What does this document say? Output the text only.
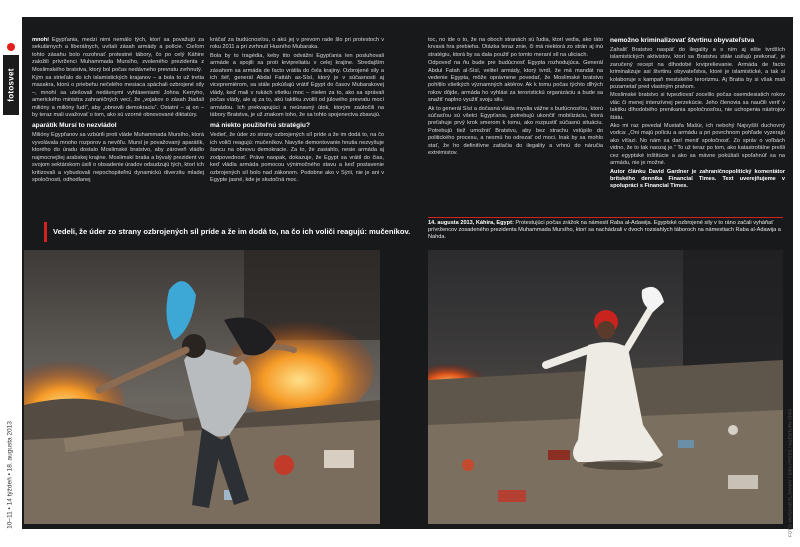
fotosvet
10–11 • 14 týždeň • 18. augusta 2013

mnohí Egypťania, medzi nimi nemálo tých, ktorí sa považujú za sekulárnych a liberálnych, uvítali zásah armády a polície. Cieľom tohto zásahu bolo rozohnať protestné tábory, čo po celý Káhire založili prívrženci Muhammada Mursího, zvoleného prezidenta z Moslimského bratstva, ktorý bol počas nedávneho prevratu zvrhnutý.

Kým sa strieľalo do ich islamistických krajanov – a bola to už tretia masakra, ktorú o priebehu nečelého mesiaca spáchali ozbrojené sily –, mnohí sa utešovali nedávnymi vyhláseniami Johna Kerryho, amerického ministra zahraničných vecí, že „vojakov o zásah žiadali milióny a milióny ľudí“, aby „obnovili demokraciu“. Ostatní – aj on – by teraz mali uvažovať o tom, ako sú vzorné obnovované diktatúry.

aparátík Mursí to nezvládol

Milióny Egypťanov sa vzbúrili proti vláde Muhammada Mursího, ktorá vyvolávala mnoho rozporov a nevôľu. Mursí je považovaný aparátík, ktorého do úradu dostalo Moslimské bratstvo, aby zároveň vládlo najmocnejšej arabskej krajine. Moslimskí bratia a bývalý prezident vo svojom sektárskom úsilí o obsadenie úradov odsudzujú tých, ktorí ich kritizovali a vybudovali nepochopiteľnú dynamickú diverzitu mladej spoločnosti, odhodlanej

kráčať za budúcnosťou, o akú jej v prevom rade šlo pri protestoch v roku 2011 a pri zvrhnutí Husního Mubaraka.

Bola by to tragédia, keby tito odvážni Egypťania len posluhovali armáde a spojili sa proti krvipreliatiu v celej krajine. Stredajším zásahom sa armáda de facto vrátila do čela krajiny. Ozbrojené sily a ich šéf, generál Abdal Fattáh as-Sísí, ktorý je v súčasnosti aj vicepremiérom, sa stále pokúšajú vrátiť Egypt do časov Mubarakovej vlády, keď mali v rukách všetku moc – nielen za to, ako sa správali počas vlády, ale aj za to, akú taktiku zvolili od júlového prevratu mocí armádou. Ich prekvapujúci a neúnavný útok, ktorým zaútočili na tábory Bratstva, je už znakom toho, že sa tohto spojenectva zbavujú.

má niekto použiteľnú stratégiu?

Vedieť, že úder zo strany ozbrojených síl príde a že im dodá to, na čo ich voliči reagujú: mučeníkov. Navyše demontovanie hnutia nezvyšuje šancu na obnovu demokracie. Za to, že zasiahlo, nesie armáda aj zodpovednosť. Práve naopak, dokazuje, že Egypt sa vrátil do čias, keď vládla armáda pomocou výnimočného stavu a keď postavenie ozbrojených síl bolo nad zákonom. Podobne ako v Sýrii, nie je ani v Egypte jasné, kde je skutočná moc.

Vedeli, že úder zo strany ozbrojených síl príde a že im dodá to, na čo ich voliči reagujú: mučeníkov.

toc, no ide o to, že na oboch stranách sú ľudia, ktorí vedia, ako táto krvavá hra prebieha. Otázka teraz znie, či má niektorá zo strán aj inú stratégiu, ktorá by sa dala použiť po tomto meraní síl na uliciach.

Odpoveď na ňu bude pre budúcnosť Egypta rozhodujúca. Generál Abdul Fatah al-Sísí, velitel armády, ktorý tvrdí, že má mandát na vedenie Egypta, môže oprávnene povedať, že Moslimské bratstvo pohltilo všetkých významných aktérov. Ak k tomu počas týchto dlhých rokov dôjde, armáda ho vyhlási za teroristickú organizáciu a bude sa snažiť naplno využiť svoju silu.

Ak to generál Sísí a dočasná vláda myslia vážne s budúcnosťou, ktorú súčasťou sú všetci Egypťania, potrebujú ukončiť mobilizáciu, ktorá preťahuje prvý krok smerom k tomu, ako rozpustiť súčasnú situáciu. Potrebujú tiež umožniť Bratstvu, aby bez strachu vstúpilo do politického procesu, a nesmú ho odrezať od moci. Inak by sa mohlo stať, že ho definitívne zatlačia do ilegality a vrhnú do náručia extrémistov.

nemožno kriminalizovať štvrtinu obyvateľstva

Zahaliť Bratstvo naspäť do ilegality a s ním aj ešte tvrdších islamistických aktivistov, ktorí sa Bratstvu stále usilujú prekonať, je zaručený recept na dlhodobé krviprelievanie. Armáda de facto kriminalizuje asi štvrtinu obyvateľstva, ktoré je islamistické, a tak si kolaboruje s kampaň mestského terorizmu. Aj Bratia by si však mali pozametať pred vlastným prahom.

Moslimské bratstvo si tvpezliovať zocelilo počas osemdesiatich rokov vlác či menej intenzívnej perzekúcie. Jeho členovia sa naučili veriť v taktiku dlhodobého prenikania spoločnosťou, nie uchopenia nástrojov štátu.

Ako mi raz povedal Mustafa Mašúr, ich nebohý Najvyšší duchovný vodca: „Oni majú políciu a armádu a pri povrchnom pohľade vyzerajú ako víťazi. No nám sa darí meniť spoločnosť. Zo správ o voľbách vidno, že to tak naozaj je.“ To už teraz po tom, ako katastrofálne prešli cez egyptské inštitúcie a ako sa mávne pokúšali spoľahnúť sa na armádu, nie je možné.

Autor článku David Gardner je zahraničnopolitický komentátor britského denníka Financial Times. Text uverejňujeme v spolupráci s Financial Times.

14. augusta 2013, Káhira, Egypt: Protestujúci počas zrážok na námestí Raba al-Adawija. Egyptské ozbrojené sily v to ráno začali vyháňať prívržencov zosadeného prezidenta Muhammada Mursího, ktorí sa nachádzali v dvoch rozsiahlych táboroch na námestiach Raba al-Adawija a Nahda.
FOTO: MOSA'AB ELSHAMY / SIPA PRESS / AGENTURA ISIFA
